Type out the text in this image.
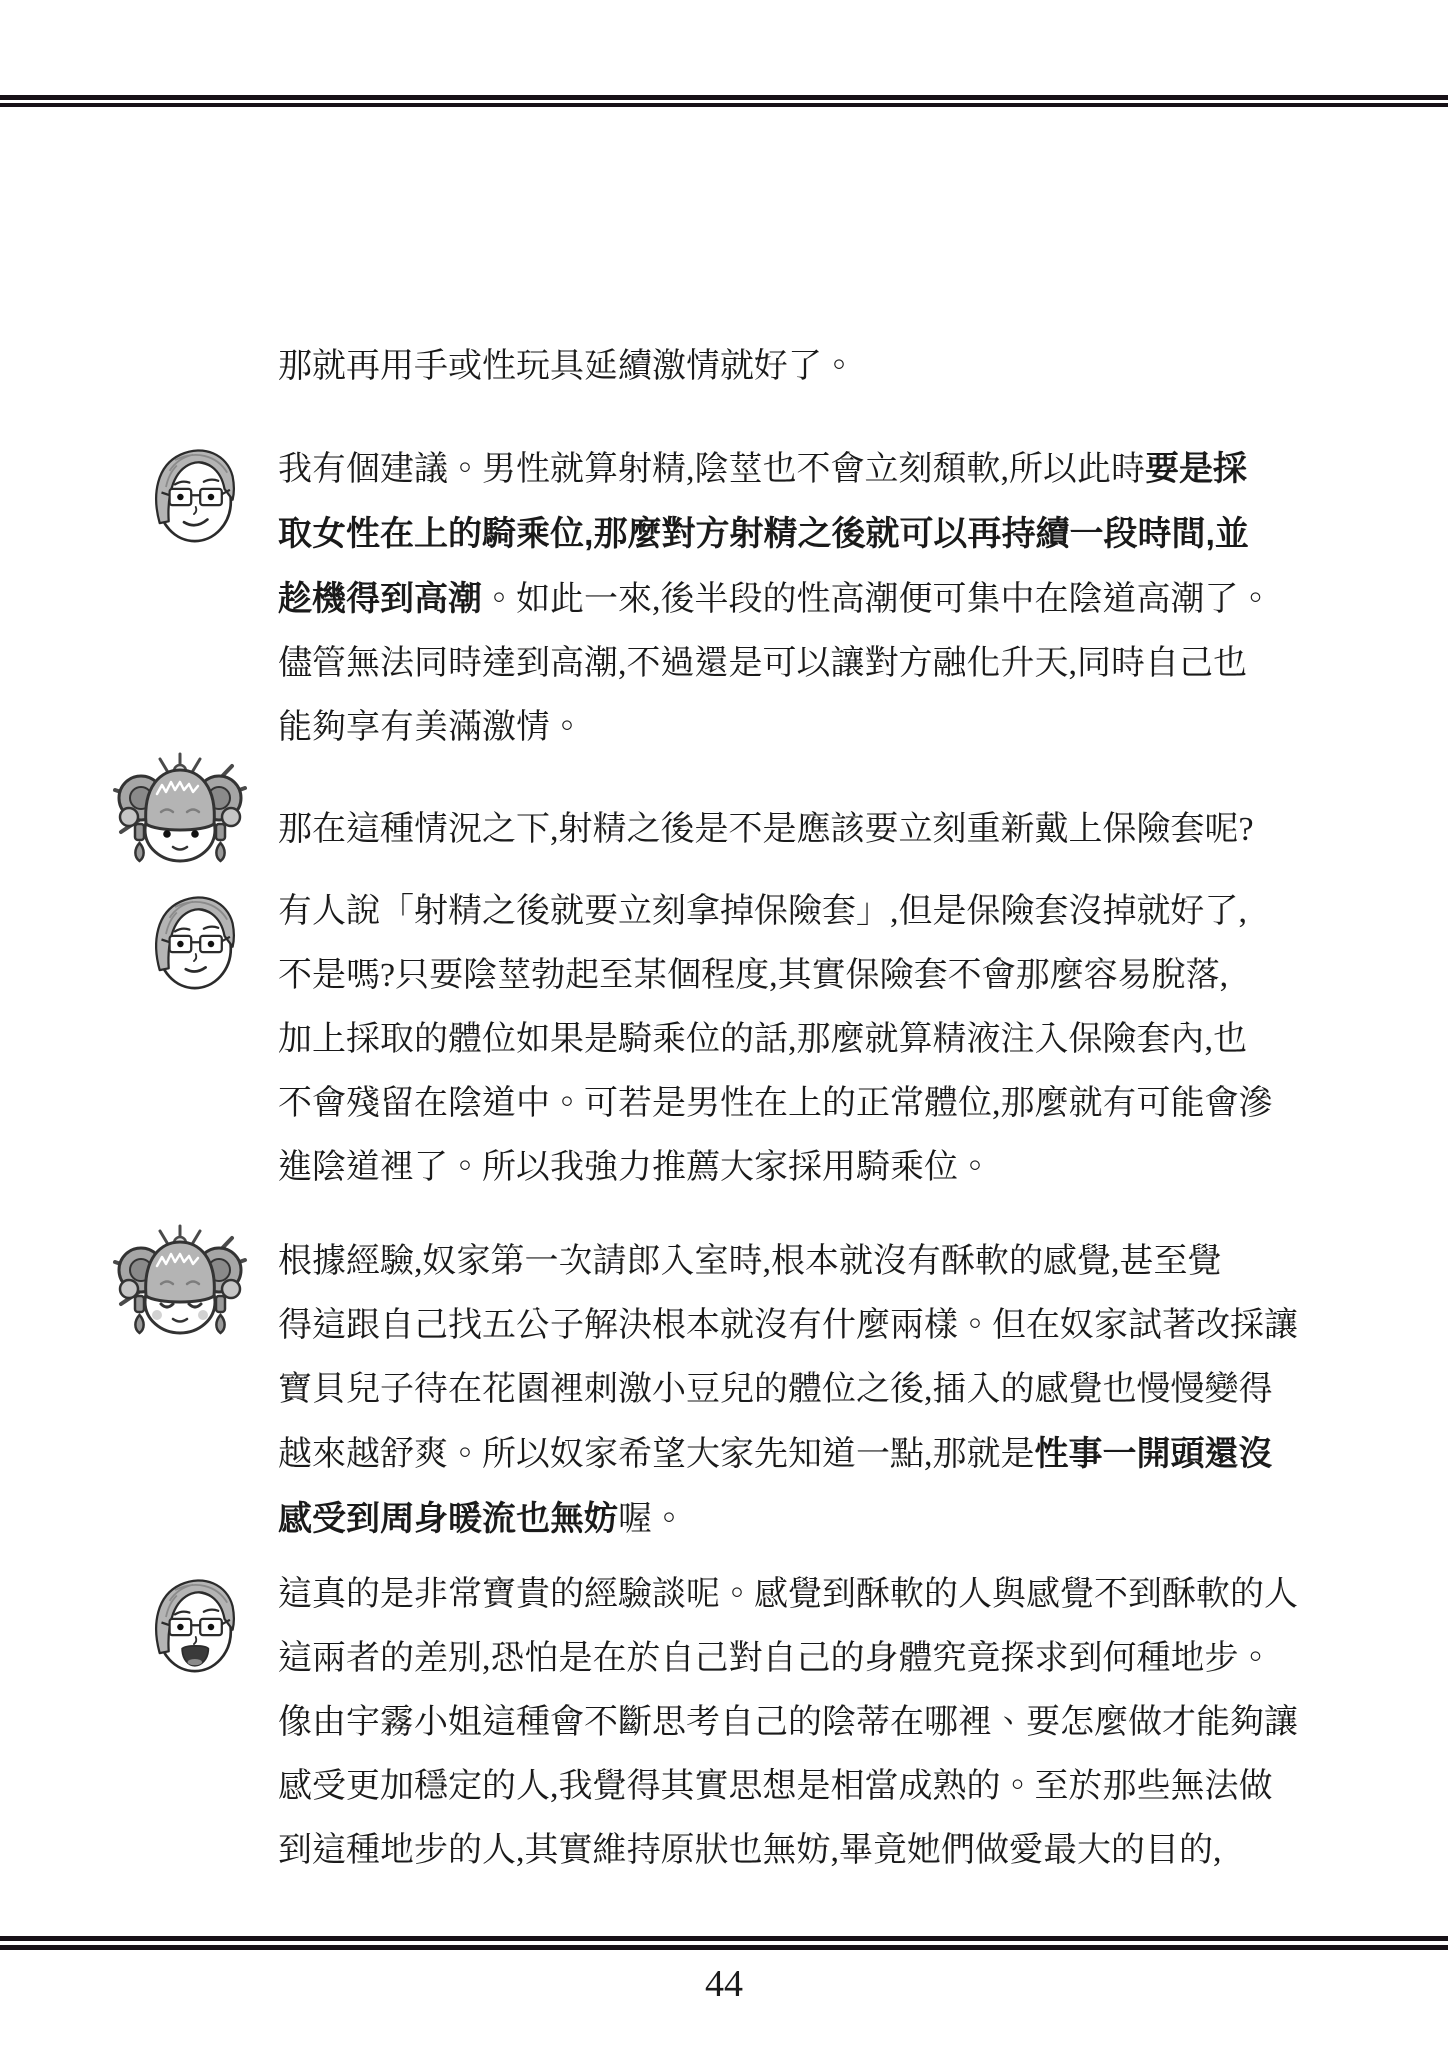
那就再用手或性玩具延續激情就好了。

我有個建議。男性就算射精,陰莖也不會立刻頹軟,所以此時要是採
取女性在上的騎乘位,那麼對方射精之後就可以再持續一段時間,並
趁機得到高潮。如此一來,後半段的性高潮便可集中在陰道高潮了。
儘管無法同時達到高潮,不過還是可以讓對方融化升天,同時自己也
能夠享有美滿激情。

那在這種情況之下,射精之後是不是應該要立刻重新戴上保險套呢?

有人說「射精之後就要立刻拿掉保險套」,但是保險套沒掉就好了,
不是嗎?只要陰莖勃起至某個程度,其實保險套不會那麼容易脫落,
加上採取的體位如果是騎乘位的話,那麼就算精液注入保險套內,也
不會殘留在陰道中。可若是男性在上的正常體位,那麼就有可能會滲
進陰道裡了。所以我強力推薦大家採用騎乘位。

根據經驗,奴家第一次請郎入室時,根本就沒有酥軟的感覺,甚至覺
得這跟自己找五公子解決根本就沒有什麼兩樣。但在奴家試著改採讓
寶貝兒子待在花園裡刺激小豆兒的體位之後,插入的感覺也慢慢變得
越來越舒爽。所以奴家希望大家先知道一點,那就是性事一開頭還沒
感受到周身暖流也無妨喔。

這真的是非常寶貴的經驗談呢。感覺到酥軟的人與感覺不到酥軟的人
這兩者的差別,恐怕是在於自己對自己的身體究竟探求到何種地步。
像由宇霧小姐這種會不斷思考自己的陰蒂在哪裡、要怎麼做才能夠讓
感受更加穩定的人,我覺得其實思想是相當成熟的。至於那些無法做
到這種地步的人,其實維持原狀也無妨,畢竟她們做愛最大的目的,

44
